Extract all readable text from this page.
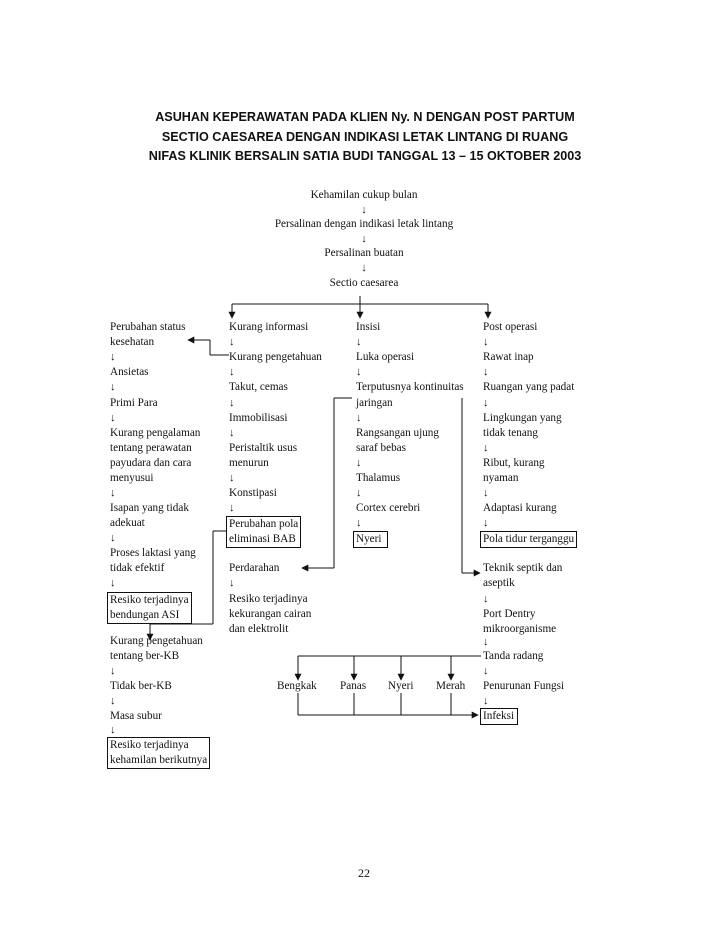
ASUHAN KEPERAWATAN PADA KLIEN Ny. N DENGAN POST PARTUM
SECTIO CAESAREA DENGAN INDIKASI LETAK LINTANG DI RUANG
NIFAS KLINIK BERSALIN SATIA BUDI TANGGAL 13 – 15 OKTOBER 2003
Kehamilan cukup bulan
↓
Persalinan dengan indikasi letak lintang
↓
Persalinan buatan
↓
Sectio caesarea
Perubahan status
kesehatan
↓
Ansietas
↓
Primi Para
↓
Kurang pengalaman
tentang perawatan
payudara dan cara
menyusui
↓
Isapan yang tidak
adekuat
↓
Proses laktasi yang
tidak efektif
↓
Resiko terjadinya
bendungan ASI
Kurang pengetahuan
tentang ber-KB
↓
Tidak ber-KB
↓
Masa subur
↓
Resiko terjadinya
kehamilan berikutnya
Kurang informasi
↓
Kurang pengetahuan
↓
Takut, cemas
↓
Immobilisasi
↓
Peristaltik usus
menurun
↓
Konstipasi
↓
Perubahan pola
eliminasi BAB
Perdarahan
↓
Resiko terjadinya
kekurangan cairan
dan elektrolit
Insisi
↓
Luka operasi
↓
Terputusnya kontinuitas
jaringan
↓
Rangsangan ujung
saraf bebas
↓
Thalamus
↓
Cortex cerebri
↓
Nyeri
Post operasi
↓
Rawat inap
↓
Ruangan yang padat
↓
Lingkungan yang
tidak tenang
↓
Ribut, kurang
nyaman
↓
Adaptasi kurang
↓
Pola tidur terganggu
Teknik septik dan
aseptik
↓
Port Dentry
mikroorganisme
↓
Tanda radang
↓
Penurunan Fungsi
↓
Infeksi
Bengkak Panas Nyeri Merah
22
